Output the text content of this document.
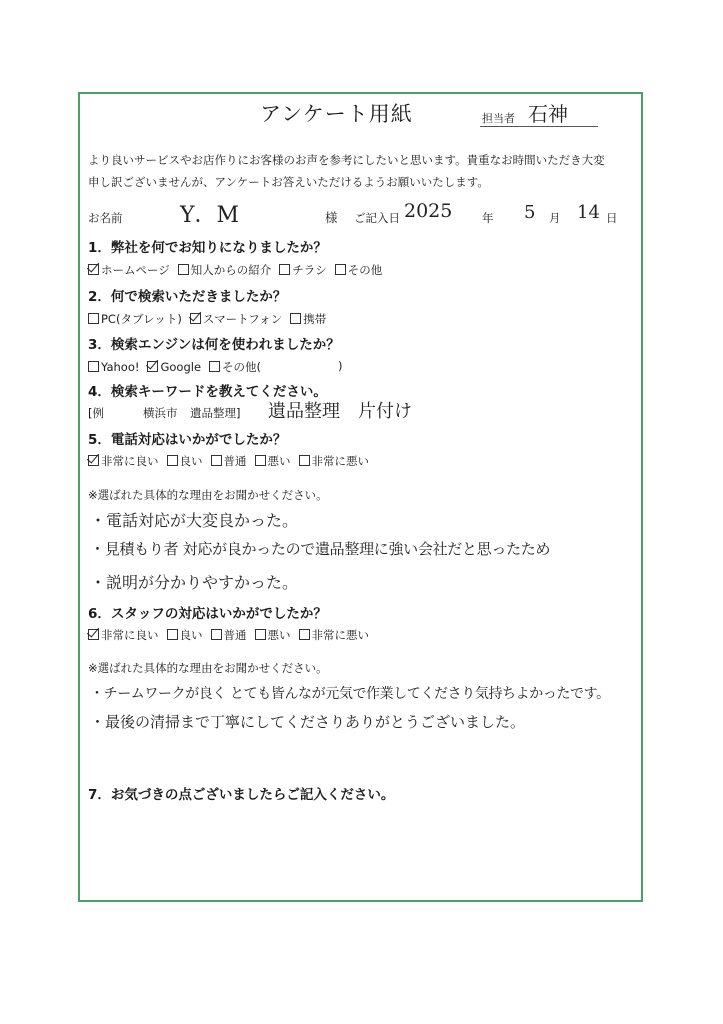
アンケート用紙	担当者 石神
より良いサービスやお店作りにお客様のお声を参考にしたいと思います。貴重なお時間いただき大変
申し訳ございませんが、アンケートお答えいただけるようお願いいたします。
お名前	Y．M	様 ご記入日 2025	年 5 月 14 日
1．弊社を何でお知りになりましたか？
ホームページ 知人からの紹介 チラシ その他
2．何で検索いただきましたか？
PC(タブレット) スマートフォン 携帯
3．検索エンジンは何を使われましたか？
Yahoo! Google その他(	)
4．検索キーワードを教えてください。
[例	横浜市 遺品整理] 遺品整理　片付け
5．電話対応はいかがでしたか？
非常に良い 良い 普通 悪い 非常に悪い
※選ばれた具体的な理由をお聞かせください。
・電話対応が大変良かった。
・見積もり者 対応が良かったので遺品整理に強い会社だと思ったため
・説明が分かりやすかった。
6．スタッフの対応はいかがでしたか？
非常に良い 良い 普通 悪い 非常に悪い
※選ばれた具体的な理由をお聞かせください。
・チームワークが良く とても皆んなが元気で作業してくださり気持ちよかったです。
・最後の清掃まで丁寧にしてくださりありがとうございました。
7．お気づきの点ございましたらご記入ください。
